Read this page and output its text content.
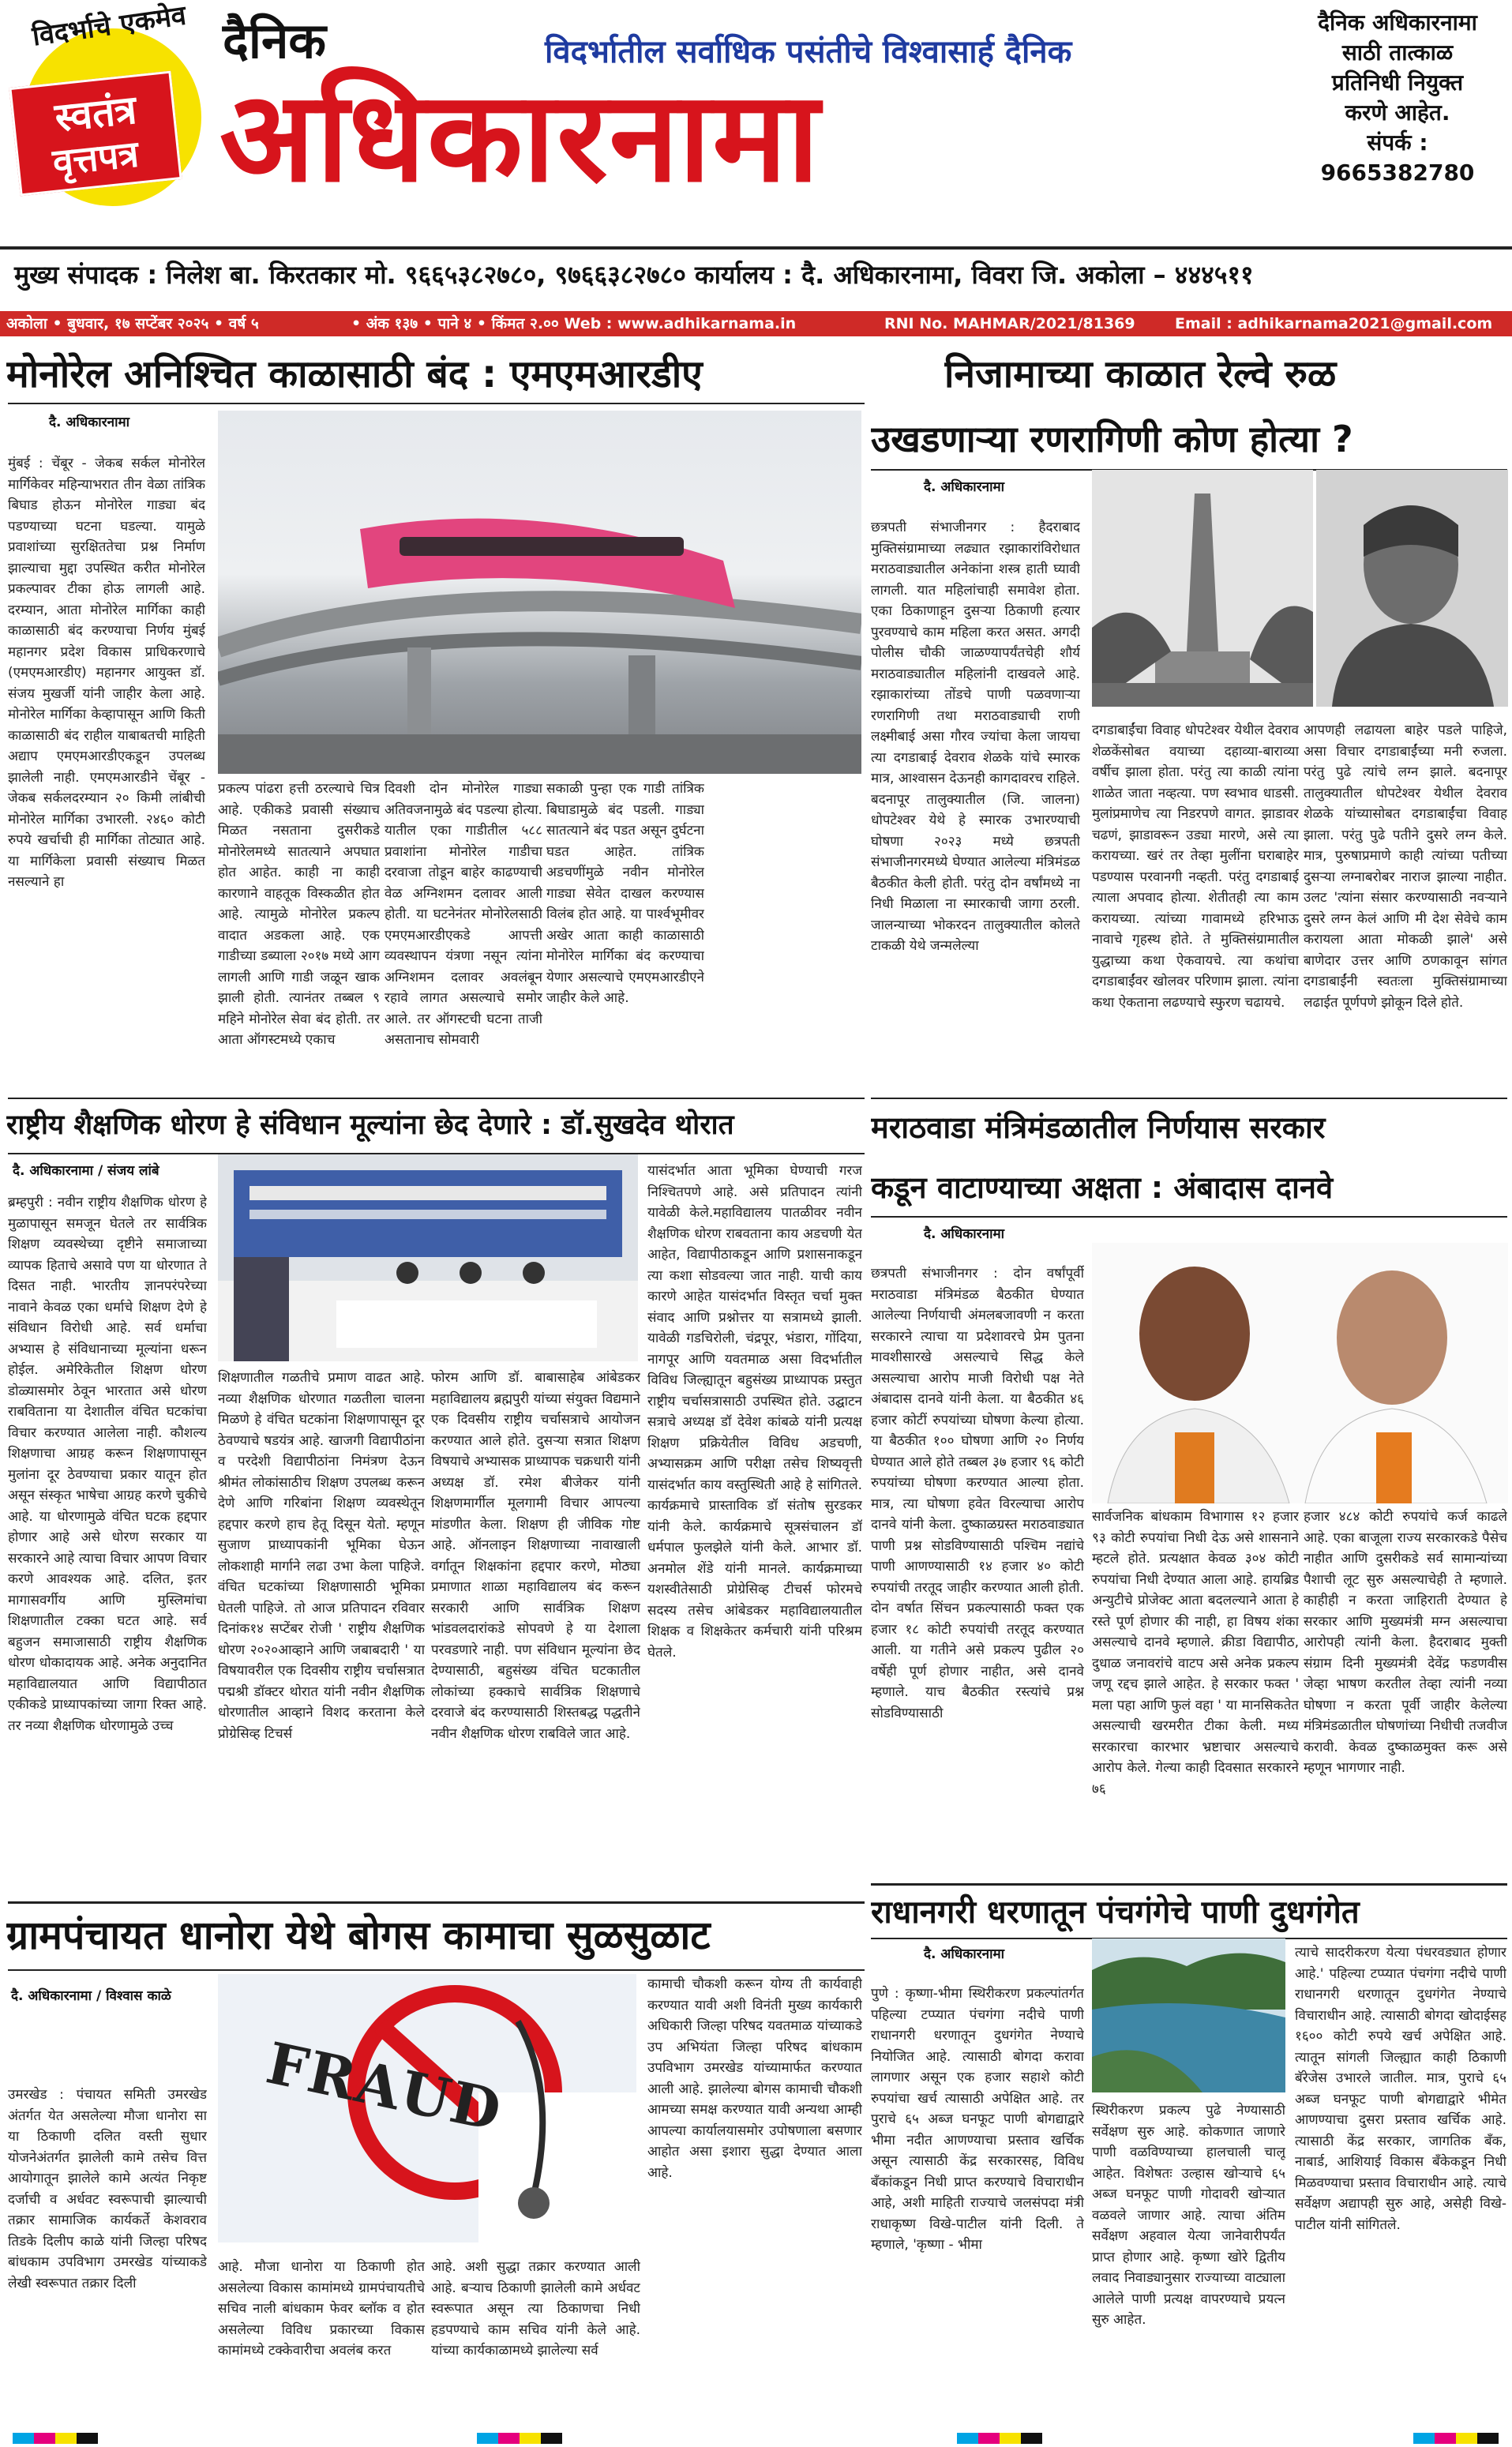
विदर्भाचे एकमेव
स्वतंत्र
वृत्तपत्र
दैनिक	विदर्भातील सर्वाधिक पसंतीचे विश्वासार्ह दैनिक
अधिकारनामा
दैनिक अधिकारनामा
साठी तात्काळ
प्रतिनिधी नियुक्त
करणे आहेत.
संपर्क :
9665382780
मुख्य संपादक : निलेश बा. किरतकार मो. ९६६५३८२७८०, ९७६६३८२७८० कार्यालय : दै. अधिकारनामा, विवरा जि. अकोला – ४४४५११
अकोला • बुधवार, १७ सप्टेंबर २०२५ • वर्ष ५	• अंक १३७ • पाने ४ • किंमत २.०० Web : www.adhikarnama.in	RNI No. MAHMAR/2021/81369	Email : adhikarnama2021@gmail.com
मोनोरेल अनिश्चित काळासाठी बंद : एमएमआरडीए
दै. अधिकारनामा
मुंबई : चेंबूर - जेकब सर्कल मोनोरेल मार्गिकेवर महिन्याभरात तीन वेळा तांत्रिक बिघाड होऊन मोनोरेल गाड्या बंद पडण्याच्या घटना घडल्या. यामुळे प्रवाशांच्या सुरक्षिततेचा प्रश्न निर्माण झाल्याचा मुद्दा उपस्थित करीत मोनोरेल प्रकल्पावर टीका होऊ लागली आहे. दरम्यान, आता मोनोरेल मार्गिका काही काळासाठी बंद करण्याचा निर्णय मुंबई महानगर प्रदेश विकास प्राधिकरणाचे (एमएमआरडीए) महानगर आयुक्त डॉ. संजय मुखर्जी यांनी जाहीर केला आहे. मोनोरेल मार्गिका केव्हापासून आणि किती काळासाठी बंद राहील याबाबतची माहिती अद्याप एमएमआरडीएकडून उपलब्ध झालेली नाही. एमएमआरडीने चेंबूर - जेकब सर्कलदरम्यान २० किमी लांबीची मोनोरेल मार्गिका उभारली. २४६० कोटी रुपये खर्चाची ही मार्गिका तोट्यात आहे. या मार्गिकेला प्रवासी संख्याच मिळत नसल्याने हा
प्रकल्प पांढरा हत्ती ठरल्याचे चित्र आहे. एकीकडे प्रवासी संख्याच मिळत नसताना दुसरीकडे मोनोरेलमध्ये सातत्याने अपघात होत आहेत. काही ना काही कारणाने वाहतूक विस्कळीत होत आहे. त्यामुळे मोनोरेल प्रकल्प वादात अडकला आहे. एक गाडीच्या डब्याला २०१७ मध्ये आग लागली आणि गाडी जळून खाक झाली होती. त्यानंतर तब्बल ९ महिने मोनोरेल सेवा बंद होती. तर आता ऑगस्टमध्ये एकाच
दिवशी दोन मोनोरेल गाड्या अतिवजनामुळे बंद पडल्या होत्या. यातील एका गाडीतील ५८८ प्रवाशांना मोनोरेल गाडीचा दरवाजा तोडून बाहेर काढण्याची वेळ अग्निशमन दलावर आली होती. या घटनेनंतर मोनोरेलसाठी एमएमआरडीएकडे आपत्ती व्यवस्थापन यंत्रणा नसून त्यांना अग्निशमन दलावर अवलंबून रहावे लागत असल्याचे समोर आले. तर ऑगस्टची घटना ताजी असतानाच सोमवारी
सकाळी पुन्हा एक गाडी तांत्रिक बिघाडामुळे बंद पडली. गाड्या सातत्याने बंद पडत असून दुर्घटना घडत आहेत. तांत्रिक अडचणींमुळे नवीन मोनोरेल गाड्या सेवेत दाखल करण्यास विलंब होत आहे. या पार्श्वभूमीवर अखेर आता काही काळासाठी मोनोरेल मार्गिका बंद करण्याचा येणार असल्याचे एमएमआरडीएने जाहीर केले आहे.
निजामाच्या काळात रेल्वे रुळ
उखडणाऱ्या रणरागिणी कोण होत्या ?
दै. अधिकारनामा
छत्रपती संभाजीनगर : हैदराबाद मुक्तिसंग्रामाच्या लढ्यात रझाकारांविरोधात मराठवाड्यातील अनेकांना शस्त्र हाती घ्यावी लागली. यात महिलांचाही समावेश होता. एका ठिकाणाहून दुसऱ्या ठिकाणी हत्यार पुरवण्याचे काम महिला करत असत. अगदी पोलीस चौकी जाळण्यापर्यंतचेही शौर्य मराठवाड्यातील महिलांनी दाखवले आहे. रझाकारांच्या तोंडचे पाणी पळवणाऱ्या रणरागिणी तथा मराठवाड्याची राणी लक्ष्मीबाई असा गौरव ज्यांचा केला जायचा त्या दगडाबाई देवराव शेळके यांचे स्मारक मात्र, आश्वासन देऊनही कागदावरच राहिले. बदनापूर तालुक्यातील (जि. जालना) धोपटेश्वर येथे हे स्मारक उभारण्याची घोषणा २०२३ मध्ये छत्रपती संभाजीनगरमध्ये घेण्यात आलेल्या मंत्रिमंडळ बैठकीत केली होती. परंतु दोन वर्षांमध्ये ना निधी मिळाला ना स्मारकाची जागा ठरली. जालन्याच्या भोकरदन तालुक्यातील कोलते टाकळी येथे जन्मलेल्या
दगडाबाईंचा विवाह धोपटेश्वर येथील देवराव शेळकेंसोबत वयाच्या दहाव्या-बाराव्या वर्षीच झाला होता. परंतु त्या काळी त्यांना शाळेत जाता नव्हत्या. पण स्वभाव धाडसी. मुलांप्रमाणेच त्या निडरपणे वागत. झाडावर चढणं, झाडावरून उड्या मारणे, असे त्या करायच्या. खरं तर तेव्हा मुलींना घराबाहेर पडण्यास परवानगी नव्हती. परंतु दगडाबाई त्याला अपवाद होत्या. शेतीतही त्या काम करायच्या. त्यांच्या गावामध्ये हरिभाऊ नावाचे गृहस्थ होते. ते मुक्तिसंग्रामातील युद्धाच्या कथा ऐकवायचे. त्या कथांचा दगडाबाईंवर खोलवर परिणाम झाला. त्यांना कथा ऐकताना लढण्याचे स्फुरण चढायचे.
आपणही लढायला बाहेर पडले पाहिजे, असा विचार दगडाबाईंच्या मनी रुजला. परंतु पुढे त्यांचे लग्न झाले. बदनापूर तालुक्यातील धोपटेश्वर येथील देवराव शेळके यांच्यासोबत दगडाबाईंचा विवाह झाला. परंतु पुढे पतीने दुसरे लग्न केले. मात्र, पुरुषाप्रमाणे काही त्यांच्या पतीच्या दुसऱ्या लग्नाबरोबर नाराज झाल्या नाहीत. उलट 'त्यांना संसार करण्यासाठी नवऱ्याने दुसरे लग्न केलं आणि मी देश सेवेचे काम करायला आता मोकळी झाले' असे बाणेदार उत्तर आणि ठणकावून सांगत दगडाबाईंनी स्वतःला मुक्तिसंग्रामाच्या लढाईत पूर्णपणे झोकून दिले होते.
राष्ट्रीय शैक्षणिक धोरण हे संविधान मूल्यांना छेद देणारे : डॉ.सुखदेव थोरात
दै. अधिकारनामा / संजय लांबे
ब्रम्हपुरी : नवीन राष्ट्रीय शैक्षणिक धोरण हे मुळापासून समजून घेतले तर सार्वत्रिक शिक्षण व्यवस्थेच्या दृष्टीने समाजाच्या व्यापक हिताचे असावे पण या धोरणात ते दिसत नाही. भारतीय ज्ञानपरंपरेच्या नावाने केवळ एका धर्माचे शिक्षण देणे हे संविधान विरोधी आहे. सर्व धर्माचा अभ्यास हे संविधानाच्या मूल्यांना धरून होईल. अमेरिकेतील शिक्षण धोरण डोळ्यासमोर ठेवून भारतात असे धोरण राबविताना या देशातील वंचित घटकांचा विचार करण्यात आलेला नाही. कौशल्य शिक्षणाचा आग्रह करून शिक्षणापासून मुलांना दूर ठेवण्याचा प्रकार यातून होत असून संस्कृत भाषेचा आग्रह करणे चुकीचे आहे. या धोरणामुळे वंचित घटक हद्दपार होणार आहे असे धोरण सरकार या सरकारने आहे त्याचा विचार आपण विचार करणे आवश्यक आहे. दलित, इतर मागासवर्गीय आणि मुस्लिमांचा शिक्षणातील टक्का घटत आहे. सर्व बहुजन समाजासाठी राष्ट्रीय शैक्षणिक धोरण धोकादायक आहे. अनेक अनुदानित महाविद्यालयात आणि विद्यापीठात एकीकडे प्राध्यापकांच्या जागा रिक्त आहे. तर नव्या शैक्षणिक धोरणामुळे उच्च
शिक्षणातील गळतीचे प्रमाण वाढत आहे. नव्या शैक्षणिक धोरणात गळतीला चालना मिळणे हे वंचित घटकांना शिक्षणापासून दूर ठेवण्याचे षडयंत्र आहे. खाजगी विद्यापीठांना व परदेशी विद्यापीठांना निमंत्रण देऊन श्रीमंत लोकांसाठीच शिक्षण उपलब्ध करून देणे आणि गरिबांना शिक्षण व्यवस्थेतून हद्दपार करणे हाच हेतू दिसून येतो. म्हणून सुजाण प्राध्यापकांनी भूमिका घेऊन लोकशाही मार्गाने लढा उभा केला पाहिजे. वंचित घटकांच्या शिक्षणासाठी भूमिका घेतली पाहिजे. तो आज प्रतिपादन रविवार दिनांक१४ सप्टेंबर रोजी ' राष्ट्रीय शैक्षणिक धोरण २०२०आव्हाने आणि जबाबदारी ' या विषयावरील एक दिवसीय राष्ट्रीय चर्चासत्रात पद्मश्री डॉक्टर थोरात यांनी नवीन शैक्षणिक धोरणातील आव्हाने विशद करताना केले प्रोग्रेसिव्ह टिचर्स
फोरम आणि डॉ. बाबासाहेब आंबेडकर महाविद्यालय ब्रह्मपुरी यांच्या संयुक्त विद्यमाने एक दिवसीय राष्ट्रीय चर्चासत्राचे आयोजन करण्यात आले होते. दुसऱ्या सत्रात शिक्षण विषयाचे अभ्यासक प्राध्यापक चक्रधारी यांनी अध्यक्ष डॉ. रमेश बीजेकर यांनी शिक्षणमार्गील मूलगामी विचार आपल्या मांडणीत केला. शिक्षण ही जीविक गोष्ट आहे. ऑनलाइन शिक्षणाच्या नावाखाली वर्गातून शिक्षकांना हद्दपार करणे, मोठ्या प्रमाणात शाळा महाविद्यालय बंद करून सरकारी आणि सार्वत्रिक शिक्षण भांडवलदारांकडे सोपवणे हे या देशाला परवडणारे नाही. पण संविधान मूल्यांना छेद देण्यासाठी, बहुसंख्य वंचित घटकातील लोकांच्या हक्काचे सार्वत्रिक शिक्षणाचे दरवाजे बंद करण्यासाठी शिस्तबद्ध पद्धतीने नवीन शैक्षणिक धोरण राबविले जात आहे.
यासंदर्भात आता भूमिका घेण्याची गरज निश्चितपणे आहे. असे प्रतिपादन त्यांनी यावेळी केले.महाविद्यालय पातळीवर नवीन शैक्षणिक धोरण राबवताना काय अडचणी येत आहेत, विद्यापीठाकडून आणि प्रशासनाकडून त्या कशा सोडवल्या जात नाही. याची काय कारणे आहेत यासंदर्भात विस्तृत चर्चा मुक्त संवाद आणि प्रश्नोत्तर या सत्रामध्ये झाली. यावेळी गडचिरोली, चंद्रपूर, भंडारा, गोंदिया, नागपूर आणि यवतमाळ असा विदर्भातील विविध जिल्ह्यातून बहुसंख्य प्राध्यापक प्रस्तुत राष्ट्रीय चर्चासत्रासाठी उपस्थित होते. उद्घाटन सत्राचे अध्यक्ष डॉ देवेश कांबळे यांनी प्रत्यक्ष शिक्षण प्रक्रियेतील विविध अडचणी, अभ्यासक्रम आणि परीक्षा तसेच शिष्यवृत्ती यासंदर्भात काय वस्तुस्थिती आहे हे सांगितले. कार्यक्रमाचे प्रास्ताविक डॉ संतोष सुरडकर यांनी केले. कार्यक्रमाचे सूत्रसंचालन डॉ धर्मपाल फुलझेले यांनी केले. आभार डॉ. अनमोल शेंडे यांनी मानले. कार्यक्रमाच्या यशस्वीतेसाठी प्रोग्रेसिव्ह टीचर्स फोरमचे सदस्य तसेच आंबेडकर महाविद्यालयातील शिक्षक व शिक्षकेतर कर्मचारी यांनी परिश्रम घेतले.
मराठवाडा मंत्रिमंडळातील निर्णयास सरकार
कडून वाटाण्याच्या अक्षता : अंबादास दानवे
दै. अधिकारनामा
छत्रपती संभाजीनगर : दोन वर्षांपूर्वी मराठवाडा मंत्रिमंडळ बैठकीत घेण्यात आलेल्या निर्णयाची अंमलबजावणी न करता सरकारने त्याचा या प्रदेशावरचे प्रेम पुतना मावशीसारखे असल्याचे सिद्ध केले असल्याचा आरोप माजी विरोधी पक्ष नेते अंबादास दानवे यांनी केला. या बैठकीत ४६ हजार कोटीं रुपयांच्या घोषणा केल्या होत्या. या बैठकीत १०० घोषणा आणि २० निर्णय घेण्यात आले होते तब्बल ३७ हजार ९६ कोटी रुपयांच्या घोषणा करण्यात आल्या होता. मात्र, त्या घोषणा हवेत विरल्याचा आरोप दानवे यांनी केला. दुष्काळग्रस्त मराठवाड्यात पाणी प्रश्न सोडविण्यासाठी पश्चिम नद्यांचे पाणी आणण्यासाठी १४ हजार ४० कोटी रुपयांची तरतूद जाहीर करण्यात आली होती. दोन वर्षात सिंचन प्रकल्पासाठी फक्त एक हजार १८ कोटी रुपयांची तरतूद करण्यात आली. या गतीने असे प्रकल्प पुढील २० वर्षेही पूर्ण होणार नाहीत, असे दानवे म्हणाले. याच बैठकीत रस्त्यांचे प्रश्न सोडविण्यासाठी
सार्वजनिक बांधकाम विभागास १२ हजार ९३ कोटी रुपयांचा निधी देऊ असे शासनाने म्हटले होते. प्रत्यक्षात केवळ ३०४ कोटी रुपयांचा निधी देण्यात आला आहे. हायब्रिड अन्युटीचे प्रोजेक्ट आता बदलल्याने आता हे रस्ते पूर्ण होणार की नाही, हा विषय शंका असल्याचे दानवे म्हणाले. क्रीडा विद्यापीठ, दुधाळ जनावरांचे वाटप असे अनेक प्रकल्प जणू रद्दच झाले आहेत. हे सरकार फक्त ' मला पहा आणि फुलं वहा ' या मानसिकतेत असल्याची खरमरीत टीका केली. मध्य सरकारचा कारभार भ्रष्टाचार असल्याचे आरोप केले. गेल्या काही दिवसात सरकारने ७६
हजार ४८४ कोटी रुपयांचे कर्ज काढले आहे. एका बाजूला राज्य सरकारकडे पैसेच नाहीत आणि दुसरीकडे सर्व सामान्यांच्या पैशाची लूट सुरु असल्याचेही ते म्हणाले. काहीही न करता जाहिराती देण्यात हे सरकार आणि मुख्यमंत्री मग्न असल्याचा आरोपही त्यांनी केला. हैदराबाद मुक्ती संग्राम दिनी मुख्यमंत्री देवेंद्र फडणवीस जेव्हा भाषण करतील तेव्हा त्यांनी नव्या घोषणा न करता पूर्वी जाहीर केलेल्या मंत्रिमंडळातील घोषणांच्या निधीची तजवीज करावी. केवळ दुष्काळमुक्त करू असे म्हणून भागणार नाही.
ग्रामपंचायत धानोरा येथे बोगस कामाचा सुळसुळाट
दै. अधिकारनामा / विश्वास काळे
उमरखेड : पंचायत समिती उमरखेड अंतर्गत येत असलेल्या मौजा धानोरा सा या ठिकाणी दलित वस्ती सुधार योजनेअंतर्गत झालेली कामे तसेच वित्त आयोगातून झालेले कामे अत्यंत निकृष्ट दर्जाची व अर्धवट स्वरूपाची झाल्याची तक्रार सामाजिक कार्यकर्ते केशवराव तिडके दिलीप काळे यांनी जिल्हा परिषद बांधकाम उपविभाग उमरखेड यांच्याकडे लेखी स्वरूपात तक्रार दिली
FRAUD
आहे. मौजा धानोरा या ठिकाणी होत असलेल्या विकास कामांमध्ये ग्रामपंचायतीचे सचिव नाली बांधकाम फेवर ब्लॉक व होत असलेल्या विविध प्रकारच्या विकास कामांमध्ये टक्केवारीचा अवलंब करत
आहे. अशी सुद्धा तक्रार करण्यात आली आहे. बऱ्याच ठिकाणी झालेली कामे अर्धवट स्वरूपात असून त्या ठिकाणचा निधी हडपण्याचे काम सचिव यांनी केले आहे. यांच्या कार्यकाळामध्ये झालेल्या सर्व
कामाची चौकशी करून योग्य ती कार्यवाही करण्यात यावी अशी विनंती मुख्य कार्यकारी अधिकारी जिल्हा परिषद यवतमाळ यांच्याकडे उप अभियंता जिल्हा परिषद बांधकाम उपविभाग उमरखेड यांच्यामार्फत करण्यात आली आहे. झालेल्या बोगस कामाची चौकशी आमच्या समक्ष करण्यात यावी अन्यथा आम्ही आपल्या कार्यालयासमोर उपोषणाला बसणार आहोत असा इशारा सुद्धा देण्यात आला आहे.
राधानगरी धरणातून पंचगंगेचे पाणी दुधगंगेत
दै. अधिकारनामा
पुणे : कृष्णा-भीमा स्थिरीकरण प्रकल्पांतर्गत पहिल्या टप्प्यात पंचगंगा नदीचे पाणी राधानगरी धरणातून दुधगंगेत नेण्याचे नियोजित आहे. त्यासाठी बोगदा करावा लागणार असून एक हजार सहाशे कोटी रुपयांचा खर्च त्यासाठी अपेक्षित आहे. तर पुराचे ६५ अब्ज घनफूट पाणी बोगद्याद्वारे भीमा नदीत आणण्याचा प्रस्ताव खर्चिक असून त्यासाठी केंद्र सरकारसह, विविध बँकांकडून निधी प्राप्त करण्याचे विचाराधीन आहे, अशी माहिती राज्याचे जलसंपदा मंत्री राधाकृष्ण विखे-पाटील यांनी दिली. ते म्हणाले, 'कृष्णा - भीमा
स्थिरीकरण प्रकल्प पुढे नेण्यासाठी सर्वेक्षण सुरु आहे. कोकणात जाणारे पाणी वळविण्याच्या हालचाली चालू आहेत. विशेषतः उल्हास खोऱ्याचे ६५ अब्ज घनफूट पाणी गोदावरी खोऱ्यात वळवले जाणार आहे. त्याचा अंतिम सर्वेक्षण अहवाल येत्या जानेवारीपर्यंत प्राप्त होणार आहे. कृष्णा खोरे द्वितीय लवाद निवाड्यानुसार राज्याच्या वाट्याला आलेले पाणी प्रत्यक्ष वापरण्याचे प्रयत्न सुरु आहेत.
त्याचे सादरीकरण येत्या पंधरवड्यात होणार आहे.' पहिल्या टप्प्यात पंचगंगा नदीचे पाणी राधानगरी धरणातून दुधगंगेत नेण्याचे विचाराधीन आहे. त्यासाठी बोगदा खोदाईसह १६०० कोटी रुपये खर्च अपेक्षित आहे. त्यातून सांगली जिल्ह्यात काही ठिकाणी बॅरेजेस उभारले जातील. मात्र, पुराचे ६५ अब्ज घनफूट पाणी बोगद्याद्वारे भीमेत आणण्याचा दुसरा प्रस्ताव खर्चिक आहे. त्यासाठी केंद्र सरकार, जागतिक बँक, नाबार्ड, आशियाई विकास बँकेकडून निधी मिळवण्याचा प्रस्ताव विचाराधीन आहे. त्याचे सर्वेक्षण अद्यापही सुरु आहे, असेही विखे-पाटील यांनी सांगितले.
